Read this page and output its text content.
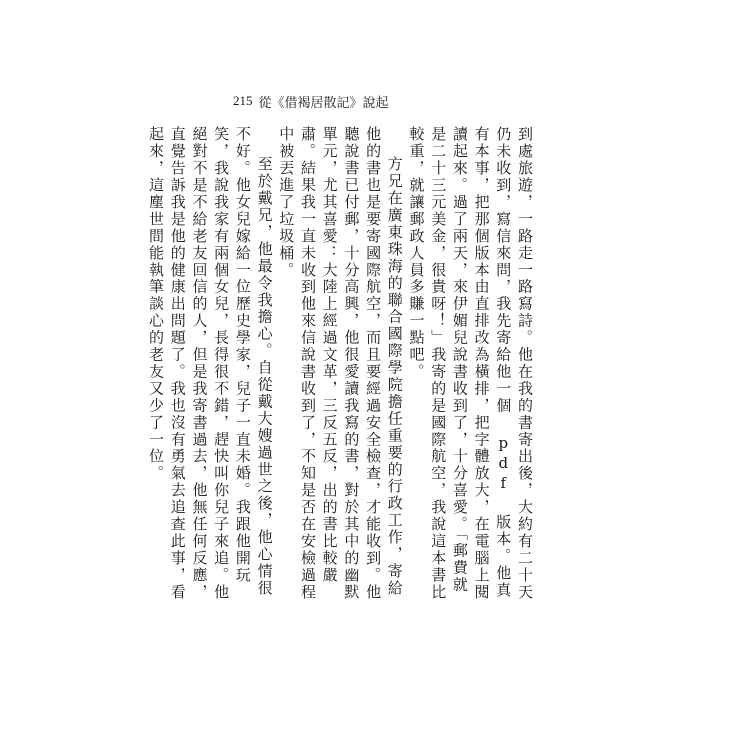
215 從《借褐居散記》說起

到處旅遊，一路走一路寫詩。他在我的書寄出後，大約有二十天仍未收到，寫信來問，我先寄給他一個 pdf 版本。他真有本事，把那個版本由直排改為橫排，把字體放大，在電腦上閱讀起來。過了兩天，來伊媚兒說書收到了，十分喜愛。「郵費就是二十三元美金，很貴呀！」我寄的是國際航空，我說這本書比較重，就讓郵政人員多賺一點吧。

方兄在廣東珠海的聯合國際學院擔任重要的行政工作，寄給他的書也是要寄國際航空，而且要經過安全檢查，才能收到。他聽說書已付郵，十分高興，他很愛讀我寫的書，對於其中的幽默單元，尤其喜愛：大陸上經過文革，三反五反，出的書比較嚴肅。結果我一直未收到他來信說書收到了，不知是否在安檢過程中被丟進了垃圾桶。

至於戴兄，他最令我擔心。自從戴大嫂過世之後，他心情很不好。他女兒嫁給一位歷史學家，兒子一直未婚。我跟他開玩笑，我說我家有兩個女兒，長得很不錯，趕快叫你兒子來追。他絕對不是不給老友回信的人，但是我寄書過去，他無任何反應，直覺告訴我是他的健康出問題了。我也沒有勇氣去追查此事，看起來，這塵世間能執筆談心的老友又少了一位。
